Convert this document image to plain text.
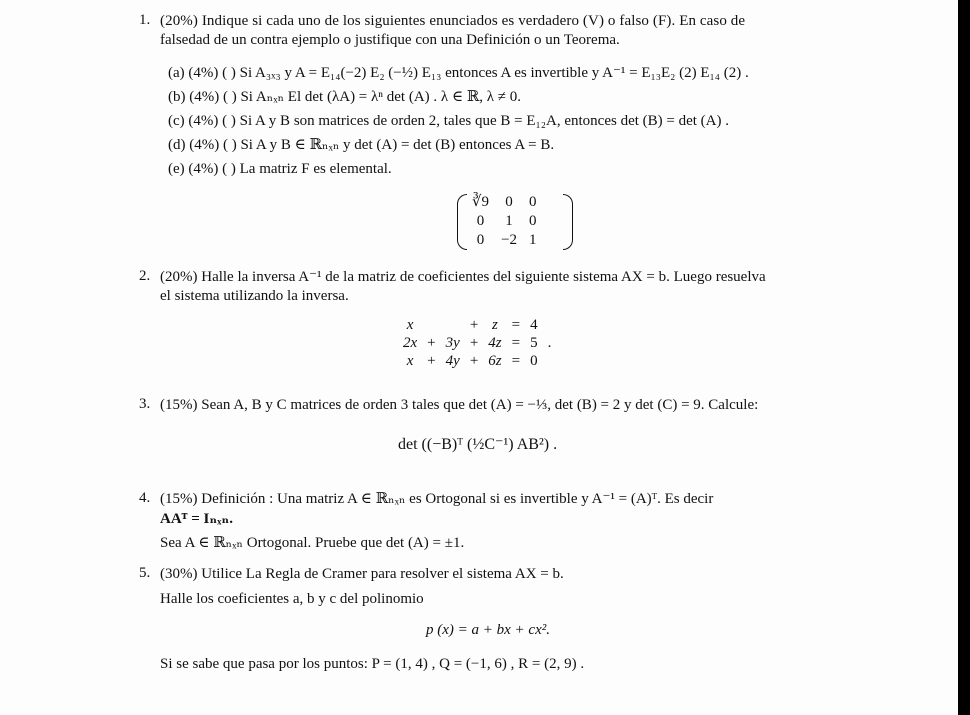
1. (20%) Indique si cada uno de los siguientes enunciados es verdadero (V) o falso (F). En caso de
falsedad de un contra ejemplo o justifique con una Definición o un Teorema.
(a) (4%) ( ) Si A₃ₓ₃ y A = E₁₄(−2) E₂ (−½) E₁₃ entonces A es invertible y A⁻¹ = E₁₃E₂ (2) E₁₄ (2) .
(b) (4%) ( ) Si Aₙₓₙ El det (λA) = λⁿ det (A) . λ ∈ ℝ, λ ≠ 0.
(c) (4%) ( ) Si A y B son matrices de orden 2, tales que B = E₁₂A, entonces det (B) = det (A) .
(d) (4%) ( ) Si A y B ∈ ℝₙₓₙ y det (A) = det (B) entonces A = B.
(e) (4%) ( ) La matriz F es elemental.
∛9	0	0
0	1	0
0	−2	1
2. (20%) Halle la inversa A⁻¹ de la matriz de coeficientes del siguiente sistema AX = b. Luego resuelva
el sistema utilizando la inversa.
x			+	z	=	4	
2x	+	3y	+	4z	=	5	.
x	+	4y	+	6z	=	0	
3. (15%) Sean A, B y C matrices de orden 3 tales que det (A) = −⅓, det (B) = 2 y det (C) = 9. Calcule:
det ((−B)ᵀ (½C⁻¹) AB²) .
4. (15%) Definición : Una matriz A ∈ ℝₙₓₙ es Ortogonal si es invertible y A⁻¹ = (A)ᵀ. Es decir
AAᵀ = Iₙₓₙ.
Sea A ∈ ℝₙₓₙ Ortogonal. Pruebe que det (A) = ±1.
5. (30%) Utilice La Regla de Cramer para resolver el sistema AX = b.
Halle los coeficientes a, b y c del polinomio
p (x) = a + bx + cx².
Si se sabe que pasa por los puntos: P = (1, 4) , Q = (−1, 6) , R = (2, 9) .
